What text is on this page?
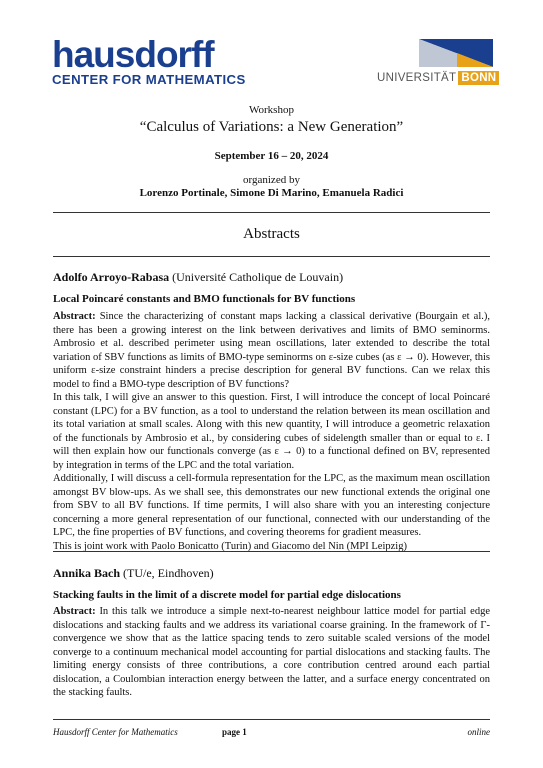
hausdorff
CENTER FOR MATHEMATICS	UNIVERSITÄT BONN
Workshop
“Calculus of Variations: a New Generation”
September 16 – 20, 2024
organized by
Lorenzo Portinale, Simone Di Marino, Emanuela Radici
Abstracts
Adolfo Arroyo-Rabasa (Université Catholique de Louvain)
Local Poincaré constants and BMO functionals for BV functions
Abstract: Since the characterizing of constant maps lacking a classical derivative (Bourgain et al.), there has been a growing interest on the link between derivatives and limits of BMO seminorms. Ambrosio et al. described perimeter using mean oscillations, later extended to describe the total variation of SBV functions as limits of BMO-type seminorms on ε-size cubes (as ε → 0). However, this uniform ε-size constraint hinders a precise description for general BV functions. Can we relax this model to find a BMO-type description of BV functions?
In this talk, I will give an answer to this question. First, I will introduce the concept of local Poincaré constant (LPC) for a BV function, as a tool to understand the relation between its mean oscillation and its total variation at small scales. Along with this new quantity, I will introduce a geometric relaxation of the functionals by Ambrosio et al., by considering cubes of sidelength smaller than or equal to ε. I will then explain how our functionals converge (as ε → 0) to a functional defined on BV, represented by integration in terms of the LPC and the total variation.
Additionally, I will discuss a cell-formula representation for the LPC, as the maximum mean oscillation amongst BV blow-ups. As we shall see, this demonstrates our new functional extends the original one from SBV to all BV functions. If time permits, I will also share with you an interesting conjecture concerning a more general representation of our functional, connected with our understanding of the LPC, the fine properties of BV functions, and covering theorems for gradient measures.
This is joint work with Paolo Bonicatto (Turin) and Giacomo del Nin (MPI Leipzig)
Annika Bach (TU/e, Eindhoven)
Stacking faults in the limit of a discrete model for partial edge dislocations
Abstract: In this talk we introduce a simple next-to-nearest neighbour lattice model for partial edge dislocations and stacking faults and we address its variational coarse graining. In the framework of Γ-convergence we show that as the lattice spacing tends to zero suitable scaled versions of the model converge to a continuum mechanical model accounting for partial dislocations and stacking faults. The limiting energy consists of three contributions, a core contribution centred around each partial dislocation, a Coulombian interaction energy between the latter, and a surface energy concentrated on the stacking faults.
Hausdorff Center for Mathematics	page 1	online
